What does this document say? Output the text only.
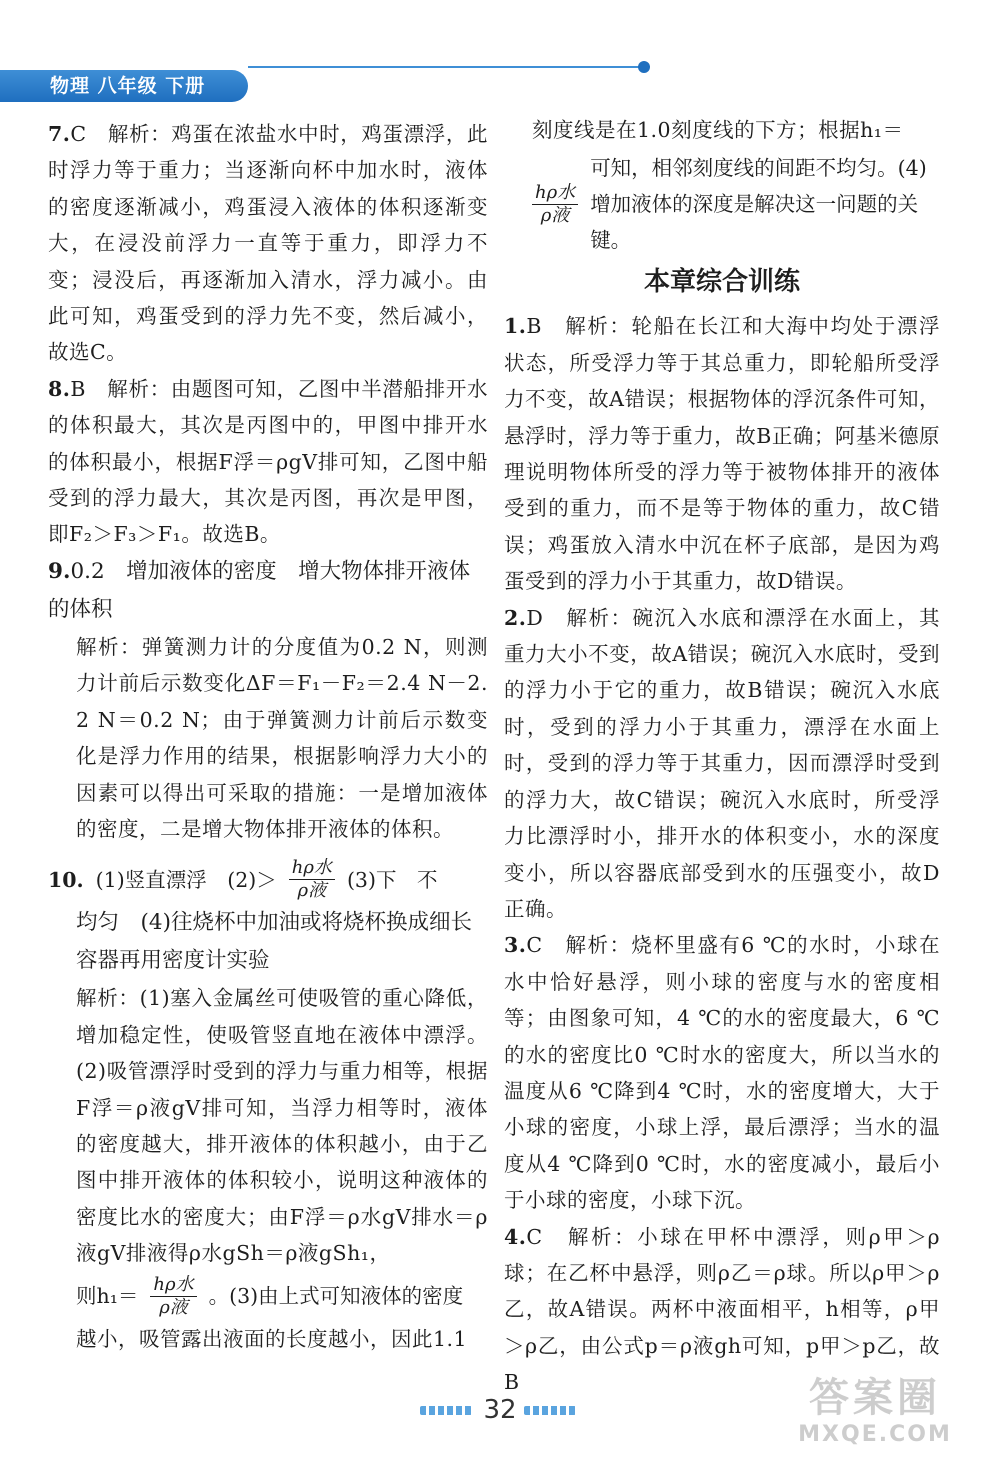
物理 八年级 下册

7.C　解析：鸡蛋在浓盐水中时，鸡蛋漂浮，此时浮力等于重力；当逐渐向杯中加水时，液体的密度逐渐减小，鸡蛋浸入液体的体积逐渐变大，在浸没前浮力一直等于重力，即浮力不变；浸没后，再逐渐加入清水，浮力减小。由此可知，鸡蛋受到的浮力先不变，然后减小，故选C。

8.B　解析：由题图可知，乙图中半潜船排开水的体积最大，其次是丙图中的，甲图中排开水的体积最小，根据F浮＝ρgV排可知，乙图中船受到的浮力最大，其次是丙图，再次是甲图，即F₂＞F₃＞F₁。故选B。

9.0.2　增加液体的密度　增大物体排开液体的体积

解析：弹簧测力计的分度值为0.2 N，则测力计前后示数变化ΔF＝F₁－F₂＝2.4 N－2.2 N＝0.2 N；由于弹簧测力计前后示数变化是浮力作用的结果，根据影响浮力大小的因素可以得出可采取的措施：一是增加液体的密度，二是增大物体排开液体的体积。

10. (1)竖直漂浮　$(2)> \frac{\text{hρ水}}{\text{ρ液}} (3)$下　不

均匀　(4)往烧杯中加油或将烧杯换成细长容器再用密度计实验

解析：(1)塞入金属丝可使吸管的重心降低，增加稳定性，使吸管竖直地在液体中漂浮。(2)吸管漂浮时受到的浮力与重力相等，根据F浮＝ρ液gV排可知，当浮力相等时，液体的密度越大，排开液体的体积越小，由于乙图中排开液体的体积较小，说明这种液体的密度比水的密度大；由F浮＝ρ水gV排水＝ρ液gV排液得ρ水gSh＝ρ液gSh₁，

则$h_1= \frac{\text{hρ水}}{\text{ρ液}}$ 。(3)由上式可知液体的密度

越小，吸管露出液面的长度越小，因此1.1

刻度线是在1.0刻度线的下方；根据h₁＝

$\frac{\text{hρ水}}{\text{ρ液}}$
可知，相邻刻度线的间距不均匀。(4)增加液体的深度是解决这一问题的关键。
本章综合训练

1.B　解析：轮船在长江和大海中均处于漂浮状态，所受浮力等于其总重力，即轮船所受浮力不变，故A错误；根据物体的浮沉条件可知，悬浮时，浮力等于重力，故B正确；阿基米德原理说明物体所受的浮力等于被物体排开的液体受到的重力，而不是等于物体的重力，故C错误；鸡蛋放入清水中沉在杯子底部，是因为鸡蛋受到的浮力小于其重力，故D错误。

2.D　解析：碗沉入水底和漂浮在水面上，其重力大小不变，故A错误；碗沉入水底时，受到的浮力小于它的重力，故B错误；碗沉入水底时，受到的浮力小于其重力，漂浮在水面上时，受到的浮力等于其重力，因而漂浮时受到的浮力大，故C错误；碗沉入水底时，所受浮力比漂浮时小，排开水的体积变小，水的深度变小，所以容器底部受到水的压强变小，故D正确。

3.C　解析：烧杯里盛有6 ℃的水时，小球在水中恰好悬浮，则小球的密度与水的密度相等；由图象可知，4 ℃的水的密度最大，6 ℃的水的密度比0 ℃时水的密度大，所以当水的温度从6 ℃降到4 ℃时，水的密度增大，大于小球的密度，小球上浮，最后漂浮；当水的温度从4 ℃降到0 ℃时，水的密度减小，最后小于小球的密度，小球下沉。

4.C　解析：小球在甲杯中漂浮，则ρ甲＞ρ球；在乙杯中悬浮，则ρ乙＝ρ球。所以ρ甲＞ρ乙，故A错误。两杯中液面相平，h相等，ρ甲＞ρ乙，由公式p＝ρ液gh可知，p甲＞p乙，故B

32	答案圈
MXQE.COM
